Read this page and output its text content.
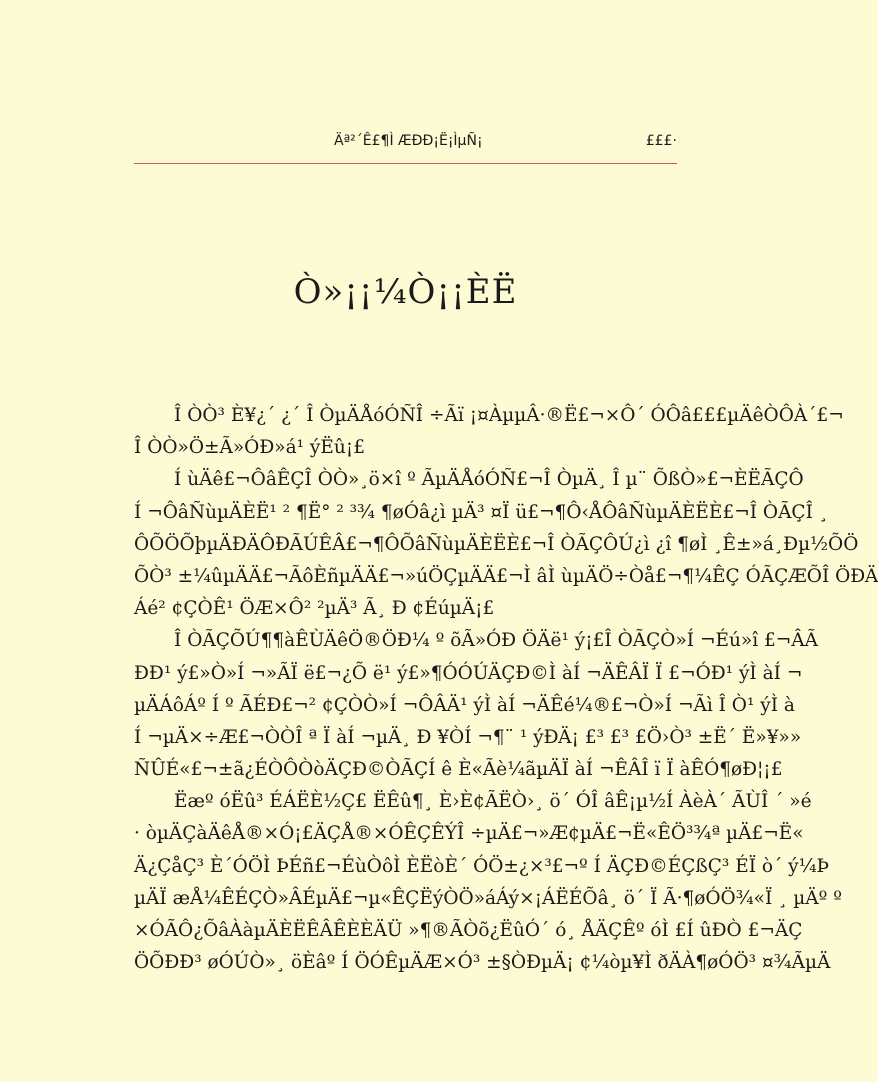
Äª²´Ê£¶Ì ÆÐÐ¡Ë¡ÌµÑ¡	£££·
Ò»¡¡¼Ò¡¡ÈË
Î ÒÒ³ È¥¿´ ¿´ Î ÒµÄÅóÓÑÎ ÷Ãï ¡¤ÀµµÂ·®Ë£¬×Ô´ ÓÔâ£££µÄêÒÔÀ´£¬
Î ÒÒ»Ö±Ã»ÓÐ»á¹ ýËû¡£
Í ùÄê£¬ÔâÊÇÎ ÒÒ»¸ö×î º ÃµÄÅóÓÑ£¬Î ÒµÄ¸ Î µ¨ ÕßÒ»£¬ÈËÃÇÔ
Í ¬ÔâÑùµÄÈË¹ ² ¶Ë° ² ³¾ ¶øÓâ¿ì µÄ³ ¤Ï ü£¬¶Ô‹ÅÔâÑùµÄÈËÈ£¬Î ÒÃÇÎ ¸
ÔÕÖÕþµÄÐÄÔÐÃÚÊÂ£¬¶ÔÕâÑùµÄÈËÈ£¬Î ÒÃÇÔÚ¿ì ¿î ¶øÌ ¸Ê±»á¸Ðµ½ÕÖ
ÕÒ³ ±¼ûµÄÄ£¬ÃôÈñµÄÄ£¬»úÖÇµÄÄ£¬Ì âÌ ùµÄÖ÷Òå£¬¶¼ÊÇ ÓÃÇÆÕÎ ÖÐÄ
Áé² ¢ÇÒÊ¹ ÖÆ×Ô² ²µÄ³ Ã¸ Ð ¢ÉúµÄ¡£
Î ÒÃÇÕÚ¶¶àÊÙÄêÖ®ÖÐ¼ º õÃ»ÓÐ ÖÄë¹ ý¡£Î ÒÃÇÒ»Í ¬Éú»î £¬ÂÃ
ÐÐ¹ ý£»Ò»Í ¬»ÃÏ ë£¬¿Õ ë¹ ý£»¶ÓÓÚÄÇÐ©Ì àÍ ¬ÄÊÂÏ Ï £¬ÓÐ¹ ýÌ àÍ ¬
µÄÁôÁº Í º ÃÉÐ£¬² ¢ÇÒÒ»Í ¬ÔÂÄ¹ ýÌ àÍ ¬ÄÊé¼®£¬Ò»Í ¬Ãì Î Ò¹ ýÌ à
Í ¬µÄ×÷Æ£¬ÒÒÎ ª Ï àÍ ¬µÄ¸ Ð ¥ÒÍ ¬¶¨ ¹ ýÐÄ¡ £³ £³ £Ö›Ò³ ±Ë´ Ë»¥»»
ÑÛÉ«£¬±ã¿ÉÒÔÒòÄÇÐ©ÒÃÇÍ ê È«Ãè¼ãµÄÏ àÍ ¬ÊÂÎ ï Ï àÊÓ¶øÐ¦¡£
Ëæº óËû³ ÉÁËÈ½Ç£ ËÊû¶¸ È›È¢ÃËÒ›¸ ö´ ÓÎ âÊ¡µ½Í ÀèÀ´ ÃÙÎ ´ »é
· òµÄÇàÄêÅ®×Ó¡£ÄÇÅ®×ÓÊÇÊÝÎ ÷µÄ£¬»Æ¢µÄ£¬Ë«ÊÖ³¾ª µÄ£¬Ë«
Ä¿ÇåÇ³ È´ÓÖÌ ÞÉñ£¬ÉùÒôÌ ÈËòÈ´ ÓÖ±¿×³£¬º Í ÄÇÐ©ÉÇßÇ³ ÉÏ ò´ ý¼Þ
µÄÏ æÅ¼ÊÉÇÒ»ÂÉµÄ£¬µ«ÊÇËýÒÖ»áÁý×¡ÁËÉÕâ¸ ö´ Ï Ã·¶øÓÖ¾«Ï ¸ µÄº º
×ÓÃÔ¿ÕâÀàµÄÈËÊÂÊÈÈÄÜ »¶®ÃÒõ¿ËûÓ´ ó¸ ÅÄÇÊº óÌ £Í ûÐÒ £¬ÄÇ
ÖÕÐÐ³ øÓÚÒ»¸ öÈâº Í ÖÓÊµÄÆ×Ó³ ±§ÒÐµÄ¡ ¢¼òµ¥Ì ðÄÀ¶øÓÖ³ ¤¾ÃµÄ
